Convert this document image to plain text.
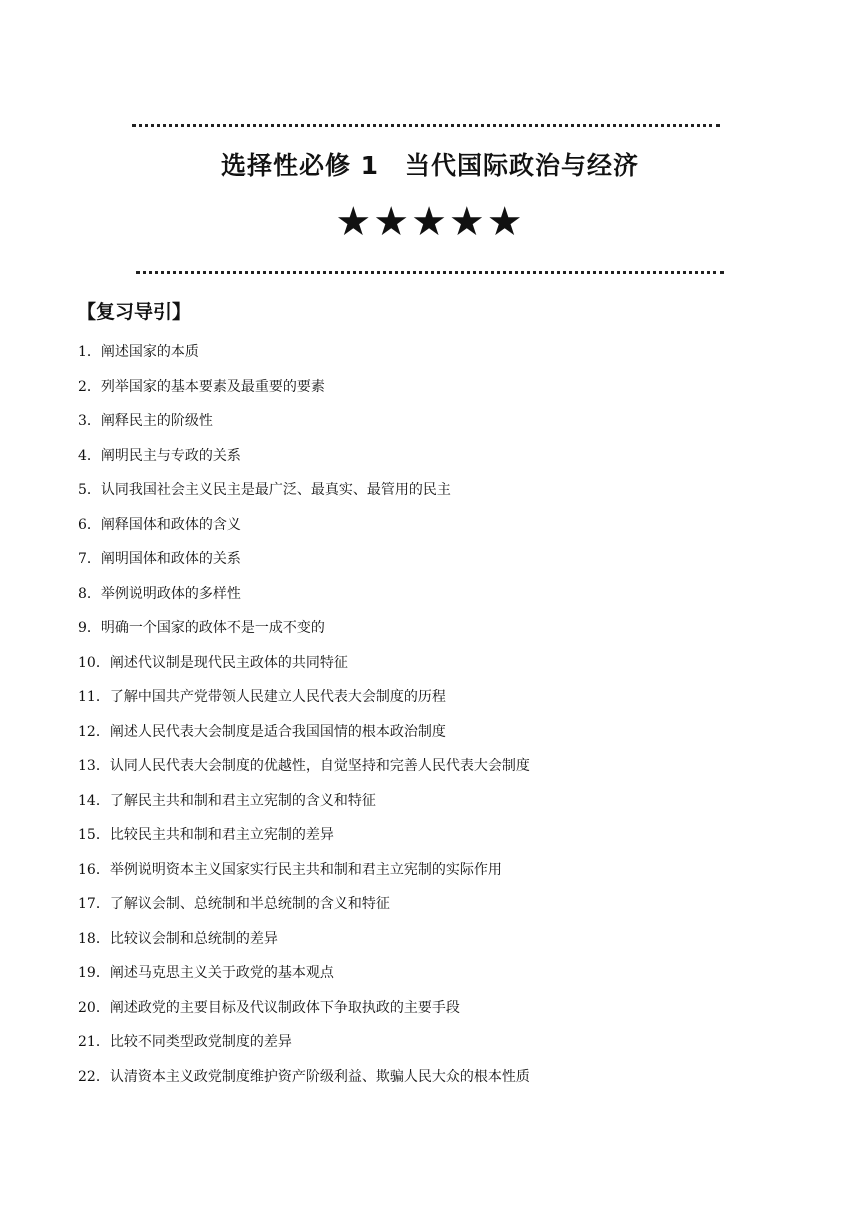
选择性必修 1　当代国际政治与经济
★★★★★
【复习导引】
1．阐述国家的本质
2．列举国家的基本要素及最重要的要素
3．阐释民主的阶级性
4．阐明民主与专政的关系
5．认同我国社会主义民主是最广泛、最真实、最管用的民主
6．阐释国体和政体的含义
7．阐明国体和政体的关系
8．举例说明政体的多样性
9．明确一个国家的政体不是一成不变的
10．阐述代议制是现代民主政体的共同特征
11．了解中国共产党带领人民建立人民代表大会制度的历程
12．阐述人民代表大会制度是适合我国国情的根本政治制度
13．认同人民代表大会制度的优越性，自觉坚持和完善人民代表大会制度
14．了解民主共和制和君主立宪制的含义和特征
15．比较民主共和制和君主立宪制的差异
16．举例说明资本主义国家实行民主共和制和君主立宪制的实际作用
17．了解议会制、总统制和半总统制的含义和特征
18．比较议会制和总统制的差异
19．阐述马克思主义关于政党的基本观点
20．阐述政党的主要目标及代议制政体下争取执政的主要手段
21．比较不同类型政党制度的差异
22．认清资本主义政党制度维护资产阶级利益、欺骗人民大众的根本性质
